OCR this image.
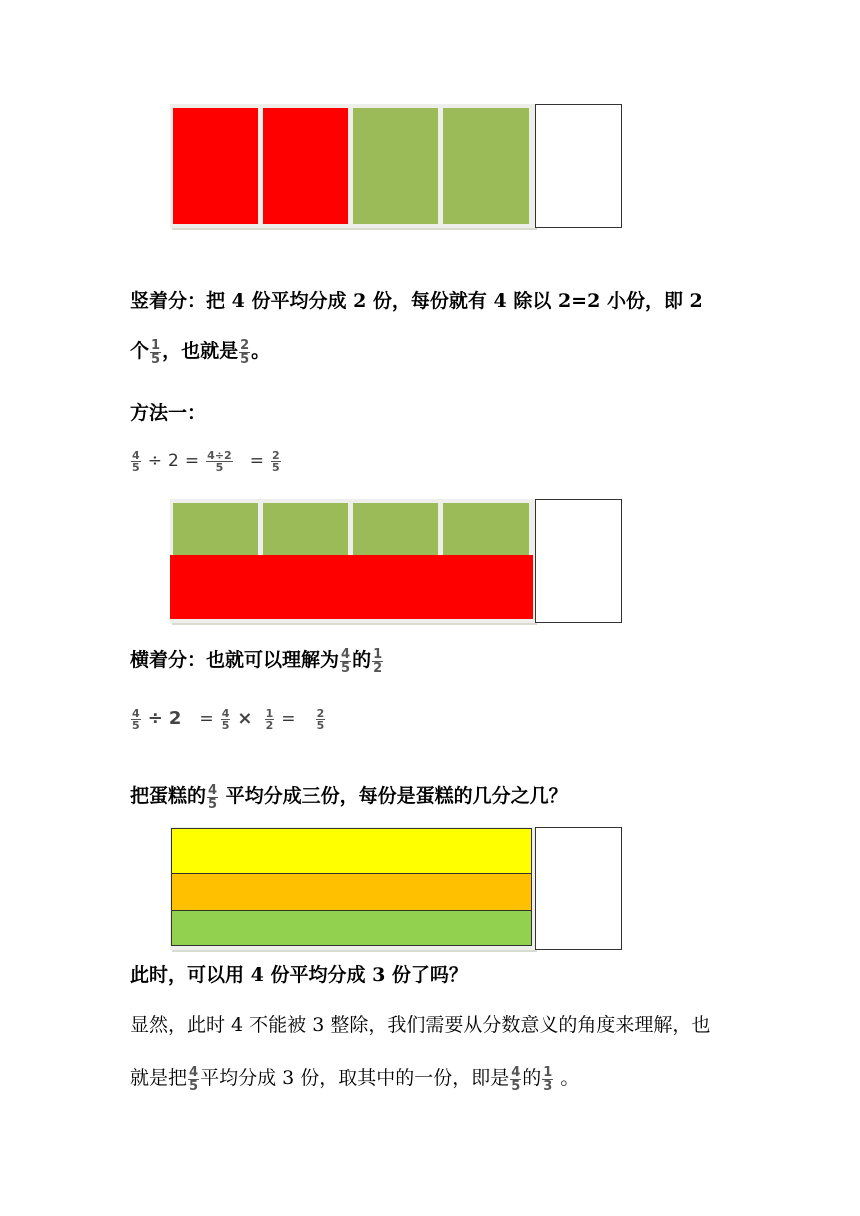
竖着分：把 4 份平均分成 2 份，每份就有 4 除以 2=2 小份，即 2
个 $\frac{1}{5}$ ，也就是 $\frac{2}{5}$ 。
方法一：
$\frac{4}{5} \div 2 = \frac{4\div 2}{5} = \frac{2}{5}$
横着分：也就可以理解为 $\frac{4}{5}$ 的 $\frac{1}{2}$
$\frac{4}{5} \div 2 = \frac{4}{5} \times \frac{1}{2} = \frac{2}{5}$
把蛋糕的 $\frac{4}{5}$ 平均分成三份，每份是蛋糕的几分之几？
此时，可以用 4 份平均分成 3 份了吗？
显然，此时 4 不能被 3 整除，我们需要从分数意义的角度来理解，也
就是把 $\frac{4}{5}$ 平均分成 3 份，取其中的一份，即是 $\frac{4}{5}$ 的 $\frac{1}{3}$ 。
